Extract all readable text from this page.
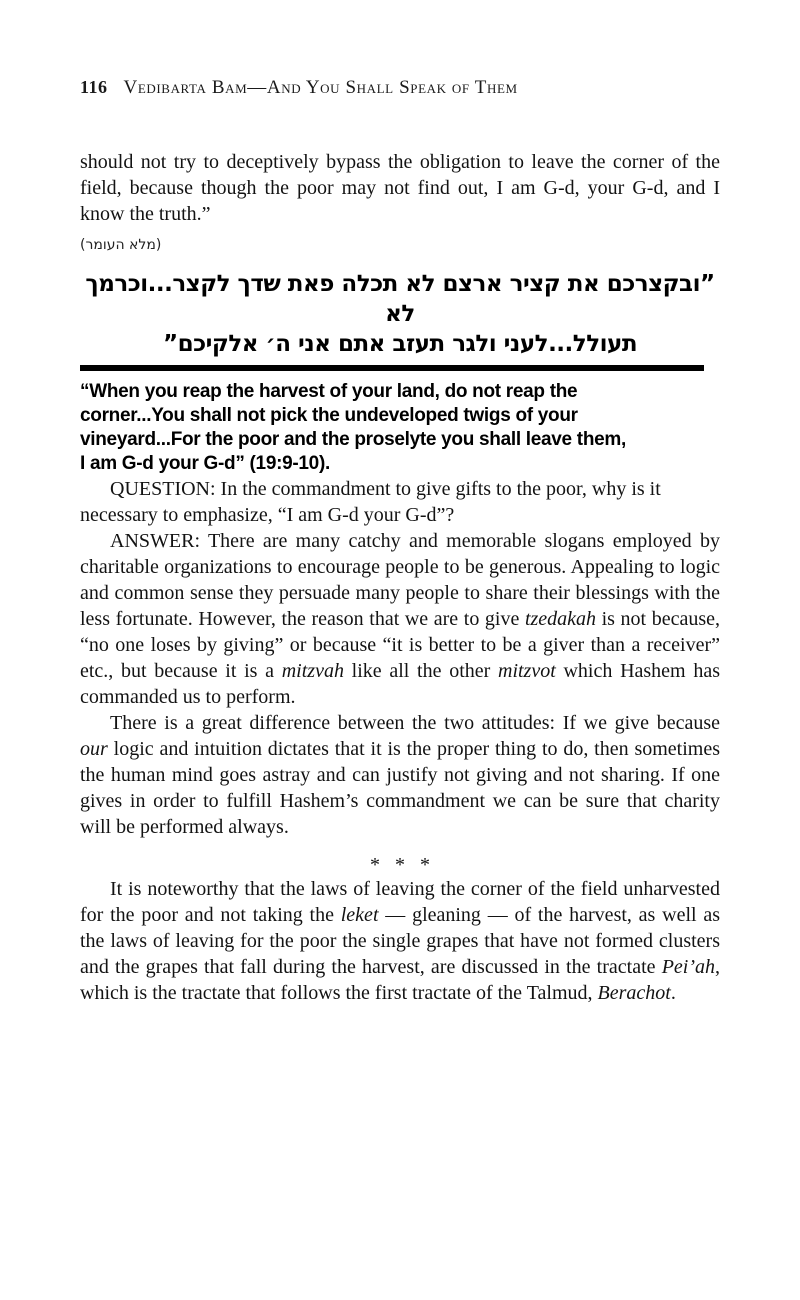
116 Vedibarta Bam—And You Shall Speak of Them

should not try to deceptively bypass the obligation to leave the corner of the field, because though the poor may not find out, I am G-d, your G-d, and I know the truth.”

(מלא העומר)
”ובקצרכם את קציר ארצם לא תכלה פאת שדך לקצר...וכרמך לא
תעולל...לעני ולגר תעזב אתם אני ה׳ אלקיכם”
“When you reap the harvest of your land, do not reap the
corner...You shall not pick the undeveloped twigs of your
vineyard...For the poor and the proselyte you shall leave them,
I am G-d your G-d” (19:9-10).

QUESTION: In the commandment to give gifts to the poor, why is it necessary to emphasize, “I am G-d your G-d”?

ANSWER: There are many catchy and memorable slogans employed by charitable organizations to encourage people to be generous. Appealing to logic and common sense they persuade many people to share their blessings with the less fortunate. However, the reason that we are to give tzedakah is not because, “no one loses by giving” or because “it is better to be a giver than a receiver” etc., but because it is a mitzvah like all the other mitzvot which Hashem has commanded us to perform.

There is a great difference between the two attitudes: If we give because our logic and intuition dictates that it is the proper thing to do, then sometimes the human mind goes astray and can justify not giving and not sharing. If one gives in order to fulfill Hashem’s commandment we can be sure that charity will be performed always.

*   *   *

It is noteworthy that the laws of leaving the corner of the field unharvested for the poor and not taking the leket — gleaning — of the harvest, as well as the laws of leaving for the poor the single grapes that have not formed clusters and the grapes that fall during the harvest, are discussed in the tractate Pei’ah, which is the tractate that follows the first tractate of the Talmud, Berachot.
